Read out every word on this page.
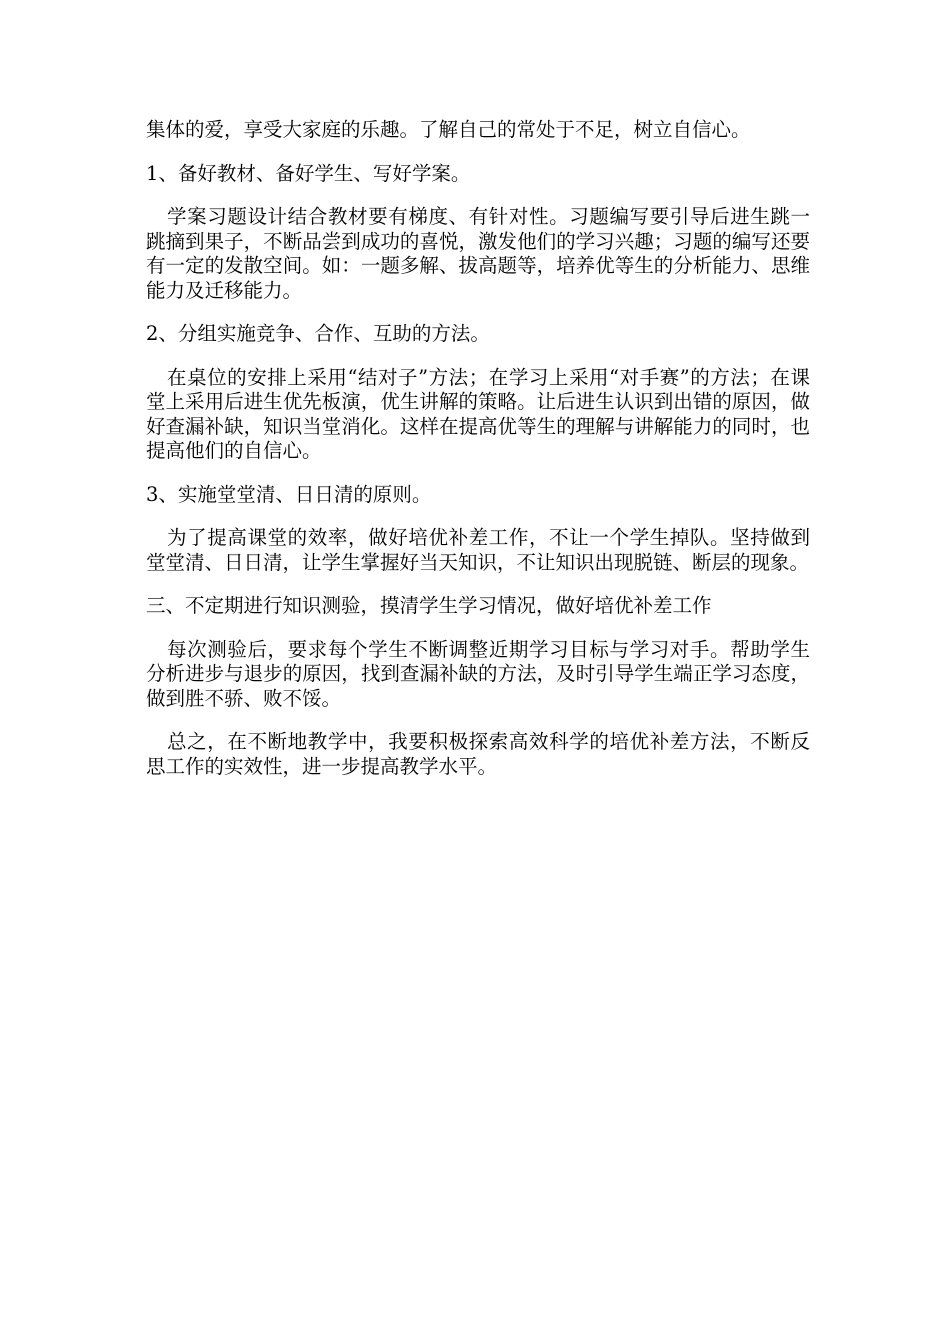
集体的爱，享受大家庭的乐趣。了解自己的常处于不足，树立自信心。

1、备好教材、备好学生、写好学案。

学案习题设计结合教材要有梯度、有针对性。习题编写要引导后进生跳一跳摘到果子，不断品尝到成功的喜悦，激发他们的学习兴趣；习题的编写还要有一定的发散空间。如：一题多解、拔高题等，培养优等生的分析能力、思维能力及迁移能力。

2、分组实施竞争、合作、互助的方法。

在桌位的安排上采用“结对子”方法；在学习上采用“对手赛”的方法；在课堂上采用后进生优先板演，优生讲解的策略。让后进生认识到出错的原因，做好查漏补缺，知识当堂消化。这样在提高优等生的理解与讲解能力的同时，也提高他们的自信心。

3、实施堂堂清、日日清的原则。

为了提高课堂的效率，做好培优补差工作，不让一个学生掉队。坚持做到堂堂清、日日清，让学生掌握好当天知识，不让知识出现脱链、断层的现象。

三、不定期进行知识测验，摸清学生学习情况，做好培优补差工作

每次测验后，要求每个学生不断调整近期学习目标与学习对手。帮助学生分析进步与退步的原因，找到查漏补缺的方法，及时引导学生端正学习态度，做到胜不骄、败不馁。

总之，在不断地教学中，我要积极探索高效科学的培优补差方法，不断反思工作的实效性，进一步提高教学水平。
